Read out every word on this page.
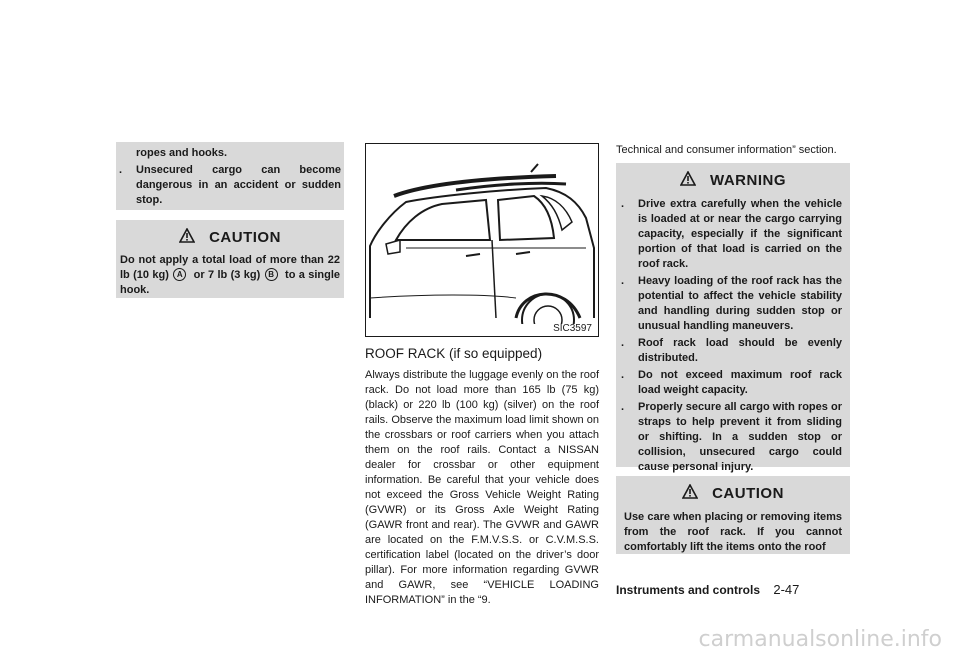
ropes and hooks.
. Unsecured cargo can become dangerous in an accident or sudden stop.
CAUTION
Do not apply a total load of more than 22 lb (10 kg) A or 7 lb (3 kg) B to a single hook.
SIC3597
ROOF RACK (if so equipped)
Always distribute the luggage evenly on the roof rack. Do not load more than 165 lb (75 kg) (black) or 220 lb (100 kg) (silver) on the roof rails. Observe the maximum load limit shown on the crossbars or roof carriers when you attach them on the roof rails. Contact a NISSAN dealer for crossbar or other equipment information. Be careful that your vehicle does not exceed the Gross Vehicle Weight Rating (GVWR) or its Gross Axle Weight Rating (GAWR front and rear). The GVWR and GAWR are located on the F.M.V.S.S. or C.V.M.S.S. certification label (located on the driver’s door pillar). For more information regarding GVWR and GAWR, see “VEHICLE LOADING INFORMATION” in the “9.
Technical and consumer information” section.
WARNING
. Drive extra carefully when the vehicle is loaded at or near the cargo carrying capacity, especially if the significant portion of that load is carried on the roof rack.
. Heavy loading of the roof rack has the potential to affect the vehicle stability and handling during sudden stop or unusual handling maneuvers.
. Roof rack load should be evenly distributed.
. Do not exceed maximum roof rack load weight capacity.
. Properly secure all cargo with ropes or straps to help prevent it from sliding or shifting. In a sudden stop or collision, unsecured cargo could cause personal injury.
CAUTION
Use care when placing or removing items from the roof rack. If you cannot comfortably lift the items onto the roof
Instruments and controls 2-47
carmanualsonline.info
